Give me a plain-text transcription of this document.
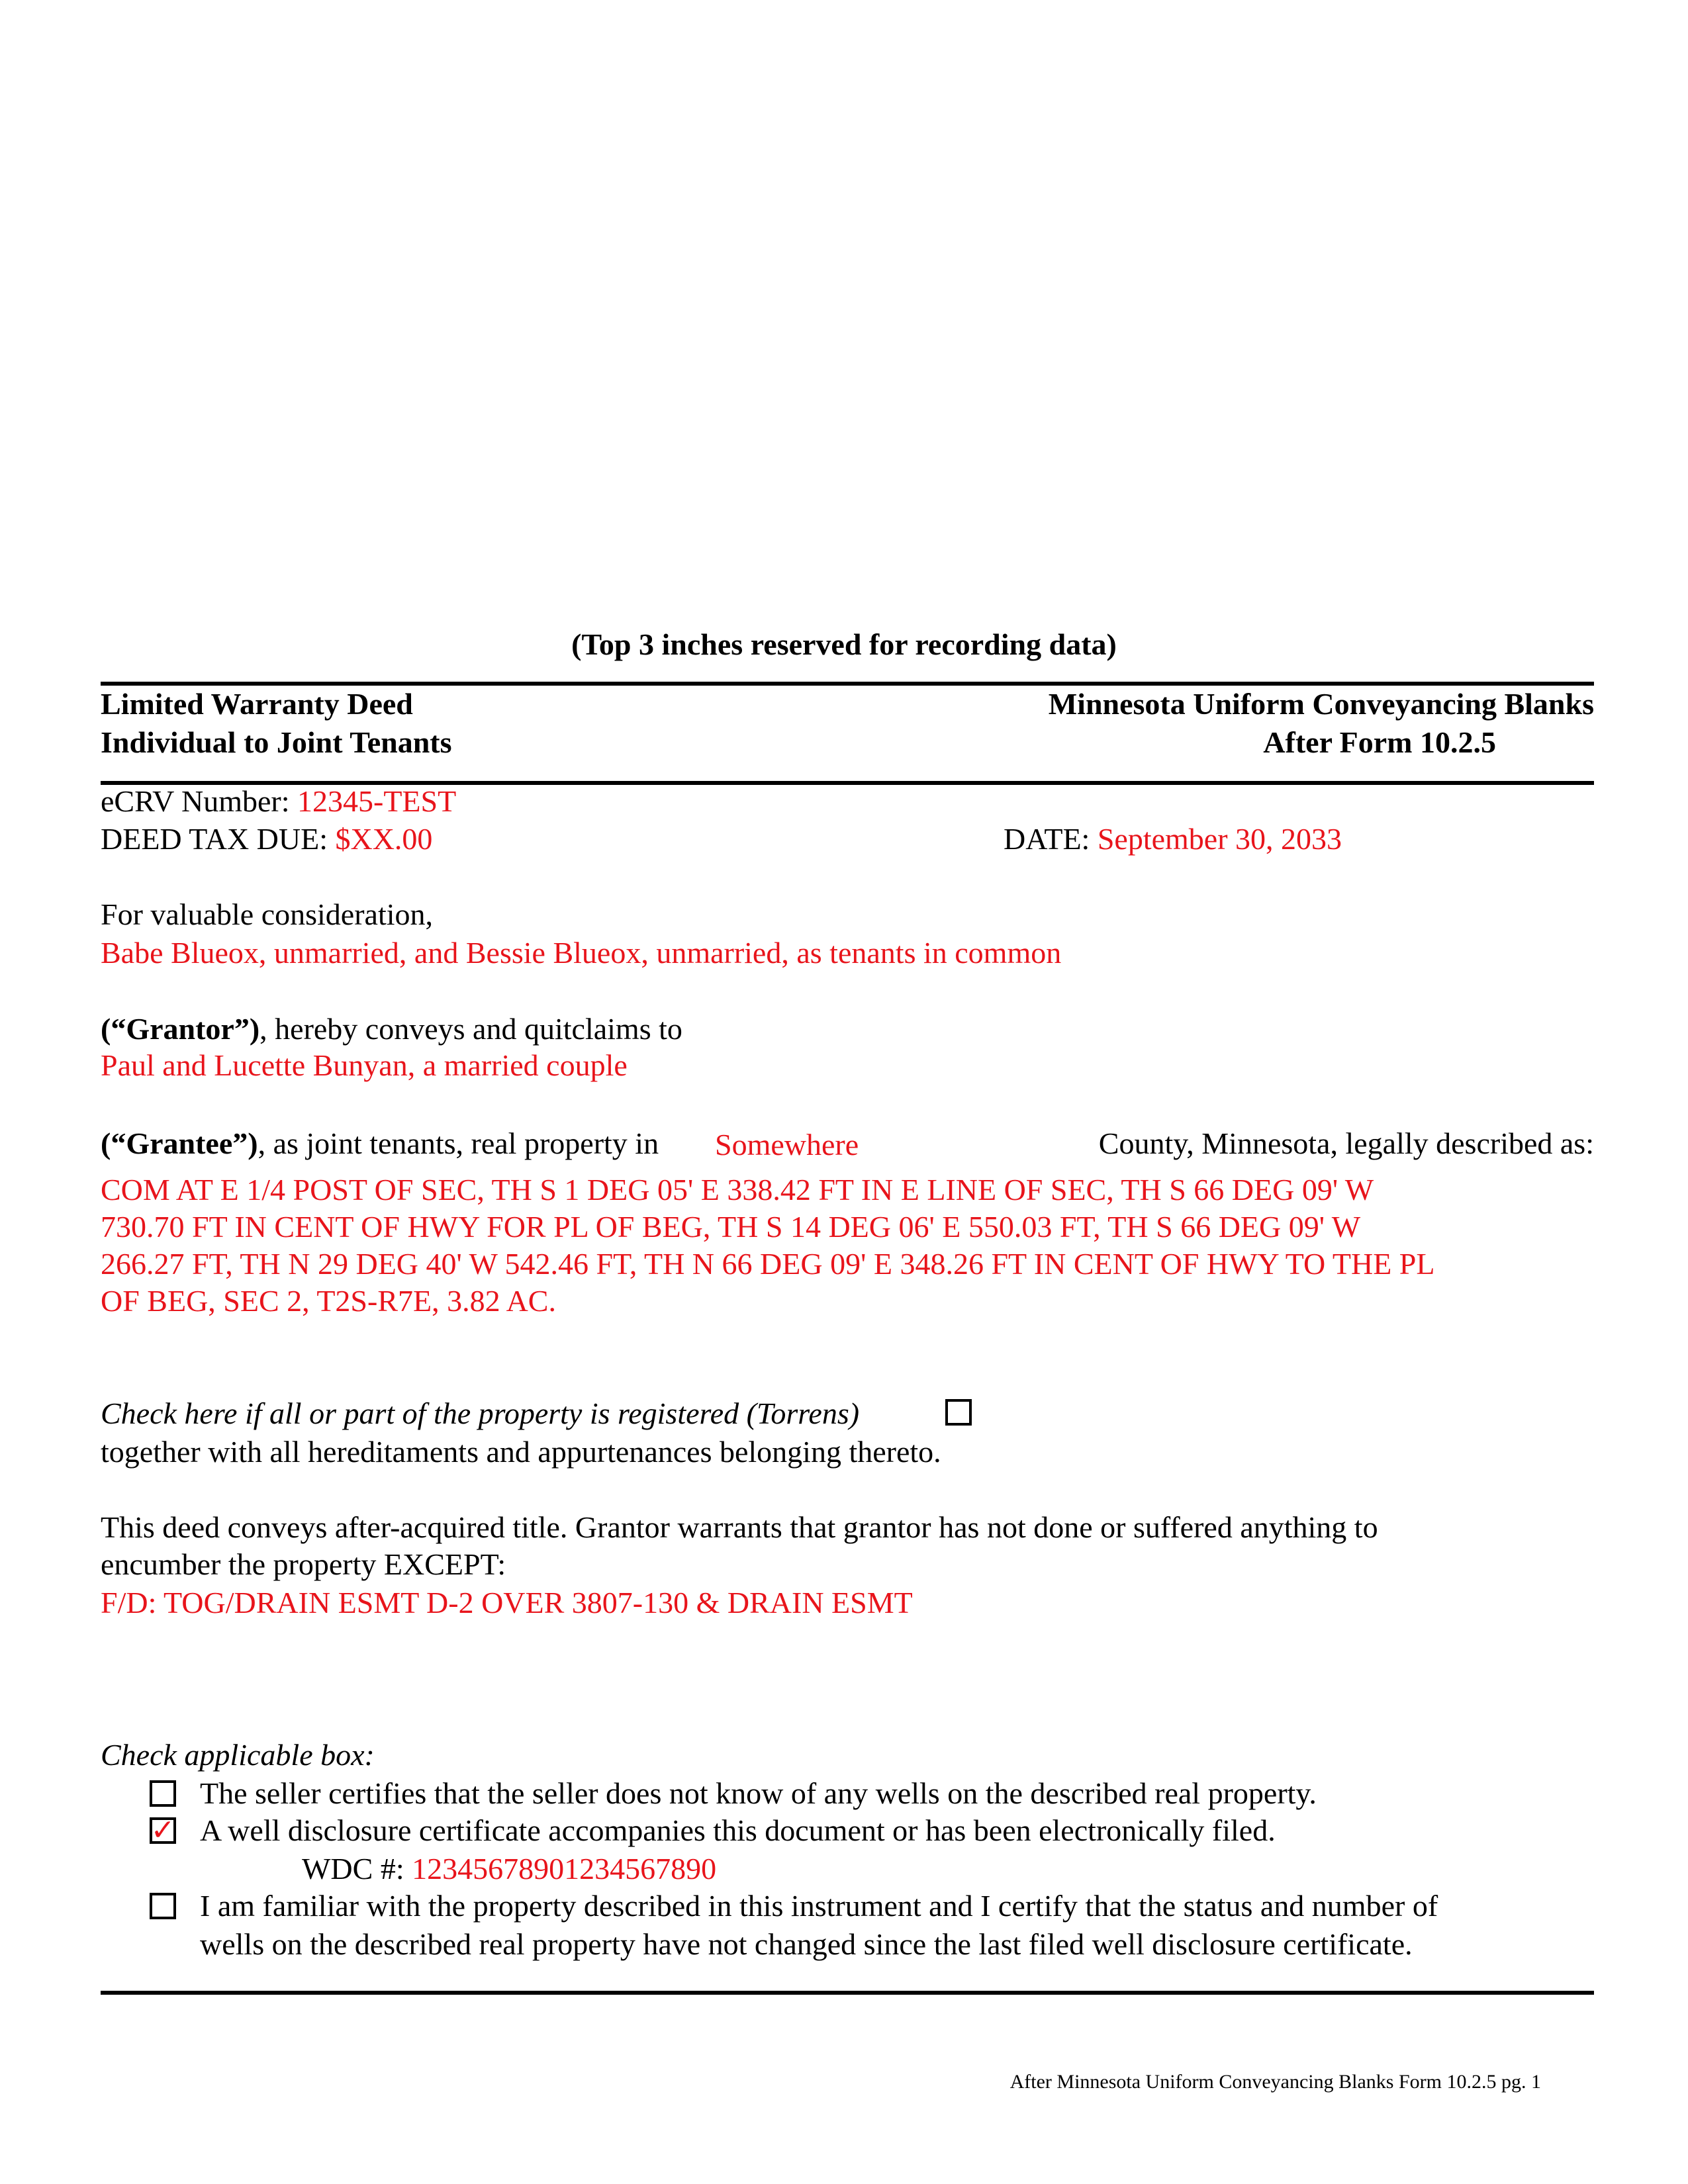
(Top 3 inches reserved for recording data)
Limited Warranty Deed
Individual to Joint Tenants
Minnesota Uniform Conveyancing Blanks
After Form 10.2.5
eCRV Number: 12345-TEST
DEED TAX DUE: $XX.00	DATE: September 30, 2033
For valuable consideration,
Babe Blueox, unmarried, and Bessie Blueox, unmarried, as tenants in common
(“Grantor”), hereby conveys and quitclaims to
Paul and Lucette Bunyan, a married couple
(“Grantee”), as joint tenants, real property in Somewhere	County, Minnesota, legally described as:
COM AT E 1/4 POST OF SEC, TH S 1 DEG 05' E 338.42 FT IN E LINE OF SEC, TH S 66 DEG 09' W
730.70 FT IN CENT OF HWY FOR PL OF BEG, TH S 14 DEG 06' E 550.03 FT, TH S 66 DEG 09' W
266.27 FT, TH N 29 DEG 40' W 542.46 FT, TH N 66 DEG 09' E 348.26 FT IN CENT OF HWY TO THE PL
OF BEG, SEC 2, T2S-R7E, 3.82 AC.
Check here if all or part of the property is registered (Torrens)
together with all hereditaments and appurtenances belonging thereto.
This deed conveys after-acquired title. Grantor warrants that grantor has not done or suffered anything to
encumber the property EXCEPT:
F/D: TOG/DRAIN ESMT D-2 OVER 3807-130 & DRAIN ESMT
Check applicable box:
The seller certifies that the seller does not know of any wells on the described real property.
✓ A well disclosure certificate accompanies this document or has been electronically filed.
WDC #: 12345678901234567890
I am familiar with the property described in this instrument and I certify that the status and number of
wells on the described real property have not changed since the last filed well disclosure certificate.
After Minnesota Uniform Conveyancing Blanks Form 10.2.5 pg. 1
